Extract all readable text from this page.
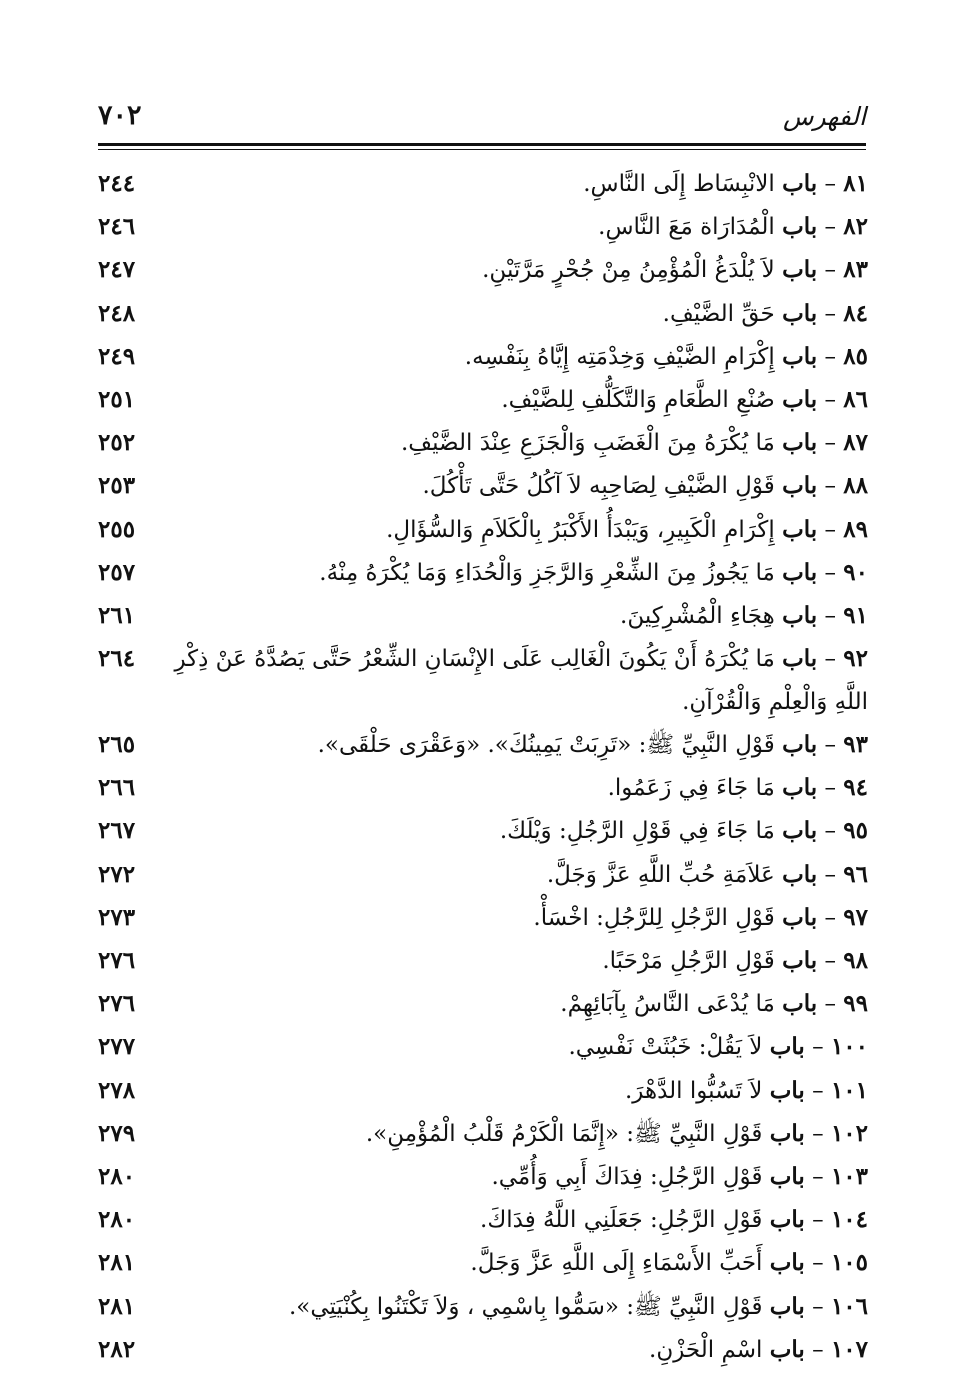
٧٠٢	الفهرس
٨١ – باب الانْبِسَاط إِلَى النَّاسِ.
٢٤٤
٨٢ – باب الْمُدَارَاة مَعَ النَّاسِ.
٢٤٦
٨٣ – باب لاَ يُلْدَغُ الْمُؤْمِنُ مِنْ جُحْرٍ مَرَّتَيْنِ.
٢٤٧
٨٤ – باب حَقِّ الضَّيْفِ.
٢٤٨
٨٥ – باب إِكْرَامِ الضَّيْفِ وَخِدْمَتِه إِيَّاهُ بِنَفْسِه.
٢٤٩
٨٦ – باب صُنْعِ الطَّعَامِ وَالتَّكَلُّفِ لِلضَّيْفِ.
٢٥١
٨٧ – باب مَا يُكْرَهُ مِنَ الْغَضَبِ وَالْجَزَعِ عِنْدَ الضَّيْفِ.
٢٥٢
٨٨ – باب قَوْلِ الضَّيْفِ لِصَاحِبِه لاَ آكُلُ حَتَّى تَأْكُلَ.
٢٥٣
٨٩ – باب إِكْرَامِ الْكَبِيرِ، وَيَبْدَأُ الأَكْبَرُ بِالْكَلاَمِ وَالسُّؤَالِ.
٢٥٥
٩٠ – باب مَا يَجُوزُ مِنَ الشِّعْرِ وَالرَّجَزِ وَالْحُدَاءِ وَمَا يُكْرَهُ مِنْهُ.
٢٥٧
٩١ – باب هِجَاءِ الْمُشْرِكِينَ.
٢٦١
٩٢ – باب مَا يُكْرَهُ أَنْ يَكُونَ الْغَالِب عَلَى الإِنْسَانِ الشِّعْرُ حَتَّى يَصُدَّهُ عَنْ ذِكْرِ اللَّهِ وَالْعِلْمِ وَالْقُرْآنِ.
٢٦٤
٩٣ – باب قَوْلِ النَّبِيِّ ﷺ: «تَرِبَتْ يَمِينُكَ». «وَعَقْرَى حَلْقَى».
٢٦٥
٩٤ – باب مَا جَاءَ فِي زَعَمُوا.
٢٦٦
٩٥ – باب مَا جَاءَ فِي قَوْلِ الرَّجُلِ: وَيْلَكَ.
٢٦٧
٩٦ – باب عَلاَمَةِ حُبِّ اللَّهِ عَزَّ وَجَلَّ.
٢٧٢
٩٧ – باب قَوْلِ الرَّجُلِ لِلرَّجُلِ: اخْسَأْ.
٢٧٣
٩٨ – باب قَوْلِ الرَّجُلِ مَرْحَبًا.
٢٧٦
٩٩ – باب مَا يُدْعَى النَّاسُ بِآبَائِهِمْ.
٢٧٦
١٠٠ – باب لاَ يَقُلْ: خَبُثَتْ نَفْسِي.
٢٧٧
١٠١ – باب لاَ تَسُبُّوا الدَّهْرَ.
٢٧٨
١٠٢ – باب قَوْلِ النَّبِيِّ ﷺ: «إِنَّمَا الْكَرْمُ قَلْبُ الْمُؤْمِنِ».
٢٧٩
١٠٣ – باب قَوْلِ الرَّجُلِ: فِدَاكَ أَبِي وَأُمِّي.
٢٨٠
١٠٤ – باب قَوْلِ الرَّجُلِ: جَعَلَنِي اللَّهُ فِدَاكَ.
٢٨٠
١٠٥ – باب أَحَبِّ الأَسْمَاءِ إِلَى اللَّهِ عَزَّ وَجَلَّ.
٢٨١
١٠٦ – باب قَوْلِ النَّبِيِّ ﷺ: «سَمُّوا بِاسْمِي ، وَلاَ تَكْتَنُوا بِكُنْيَتِي».
٢٨١
١٠٧ – باب اسْمِ الْحَزْنِ.
٢٨٢
